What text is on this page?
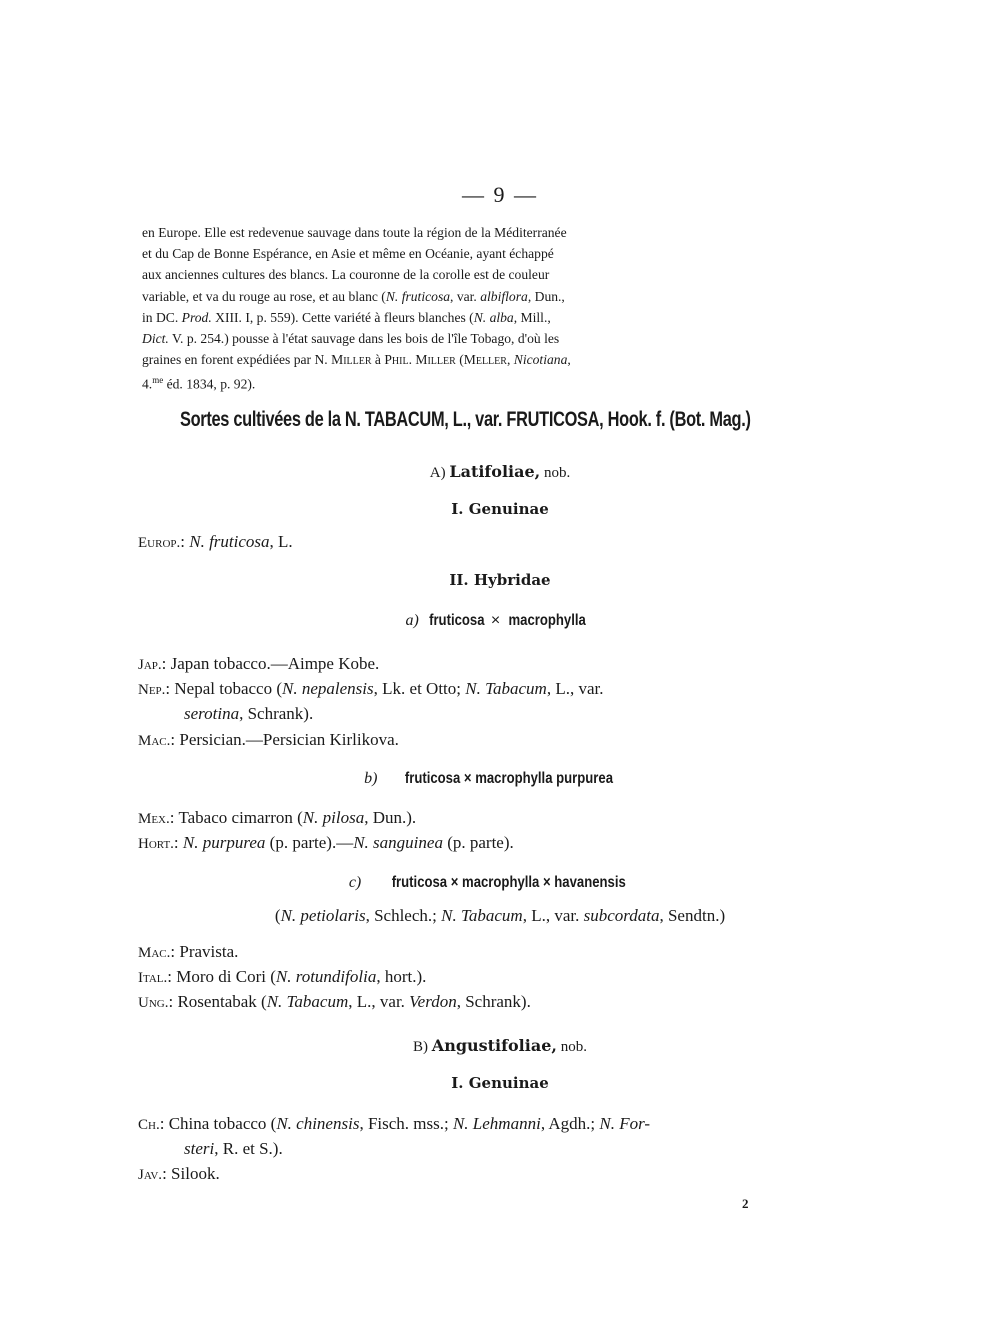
— 9 —
en Europe. Elle est redevenue sauvage dans toute la région de la Méditerranée
et du Cap de Bonne Espérance, en Asie et même en Océanie, ayant échappé
aux anciennes cultures des blancs. La couronne de la corolle est de couleur
variable, et va du rouge au rose, et au blanc (N. fruticosa, var. albiflora, Dun.,
in DC. Prod. XIII. I, p. 559). Cette variété à fleurs blanches (N. alba, Mill.,
Dict. V. p. 254.) pousse à l'état sauvage dans les bois de l'île Tobago, d'où les
graines en forent expédiées par N. Miller à Phil. Miller (Meller, Nicotiana,
4.$^{me}$ éd. 1834, p. 92).
Sortes cultivées de la N. TABACUM, L., var. FRUTICOSA, Hook. f. (Bot. Mag.)
A) Latifoliae, nob.
I. Genuinae
Europ.: N. fruticosa, L.
II. Hybridae
a) fruticosa × macrophylla
Jap.: Japan tobacco.—Aimpe Kobe.
Nep.: Nepal tobacco (N. nepalensis, Lk. et Otto; N. Tabacum, L., var.
serotina, Schrank).
Mac.: Persician.—Persician Kirlikova.
b) fruticosa × macrophylla purpurea
Mex.: Tabaco cimarron (N. pilosa, Dun.).
Hort.: N. purpurea (p. parte).—N. sanguinea (p. parte).
c) fruticosa × macrophylla × havanensis
(N. petiolaris, Schlech.; N. Tabacum, L., var. subcordata, Sendtn.)
Mac.: Pravista.
Ital.: Moro di Cori (N. rotundifolia, hort.).
Ung.: Rosentabak (N. Tabacum, L., var. Verdon, Schrank).
B) Angustifoliae, nob.
I. Genuinae
Ch.: China tobacco (N. chinensis, Fisch. mss.; N. Lehmanni, Agdh.; N. For-
steri, R. et S.).
Jav.: Silook.
2
